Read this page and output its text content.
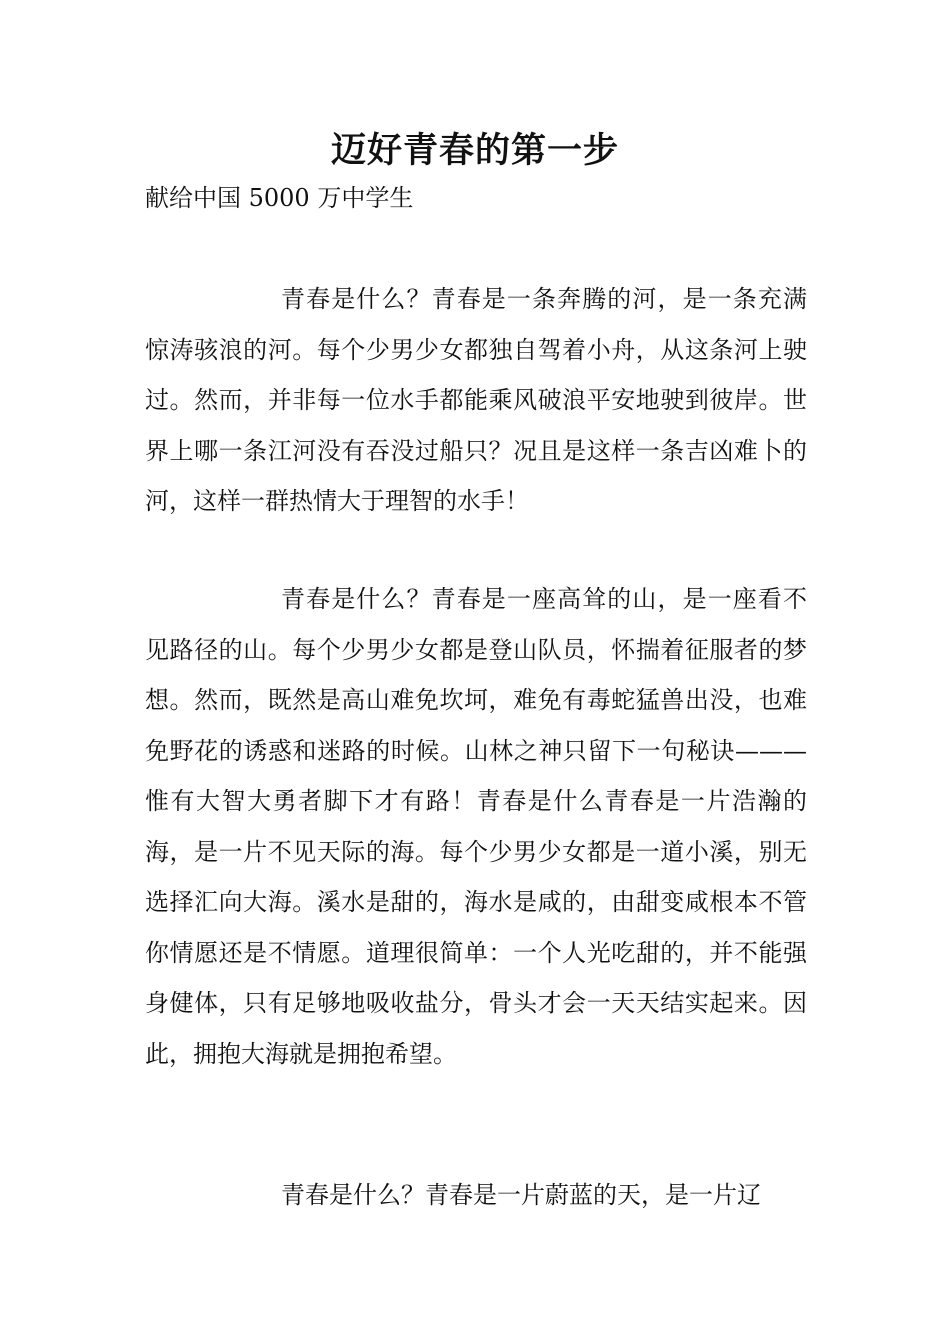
迈好青春的第一步

献给中国 5000 万中学生

青春是什么？青春是一条奔腾的河，是一条充满惊涛骇浪的河。每个少男少女都独自驾着小舟，从这条河上驶过。然而，并非每一位水手都能乘风破浪平安地驶到彼岸。世界上哪一条江河没有吞没过船只？况且是这样一条吉凶难卜的河，这样一群热情大于理智的水手！

青春是什么？青春是一座高耸的山，是一座看不见路径的山。每个少男少女都是登山队员，怀揣着征服者的梦想。然而，既然是高山难免坎坷，难免有毒蛇猛兽出没，也难免野花的诱惑和迷路的时候。山林之神只留下一句秘诀———惟有大智大勇者脚下才有路！青春是什么青春是一片浩瀚的海，是一片不见天际的海。每个少男少女都是一道小溪，别无选择汇向大海。溪水是甜的，海水是咸的，由甜变咸根本不管你情愿还是不情愿。道理很简单：一个人光吃甜的，并不能强身健体，只有足够地吸收盐分，骨头才会一天天结实起来。因此，拥抱大海就是拥抱希望。

青春是什么？青春是一片蔚蓝的天，是一片辽
